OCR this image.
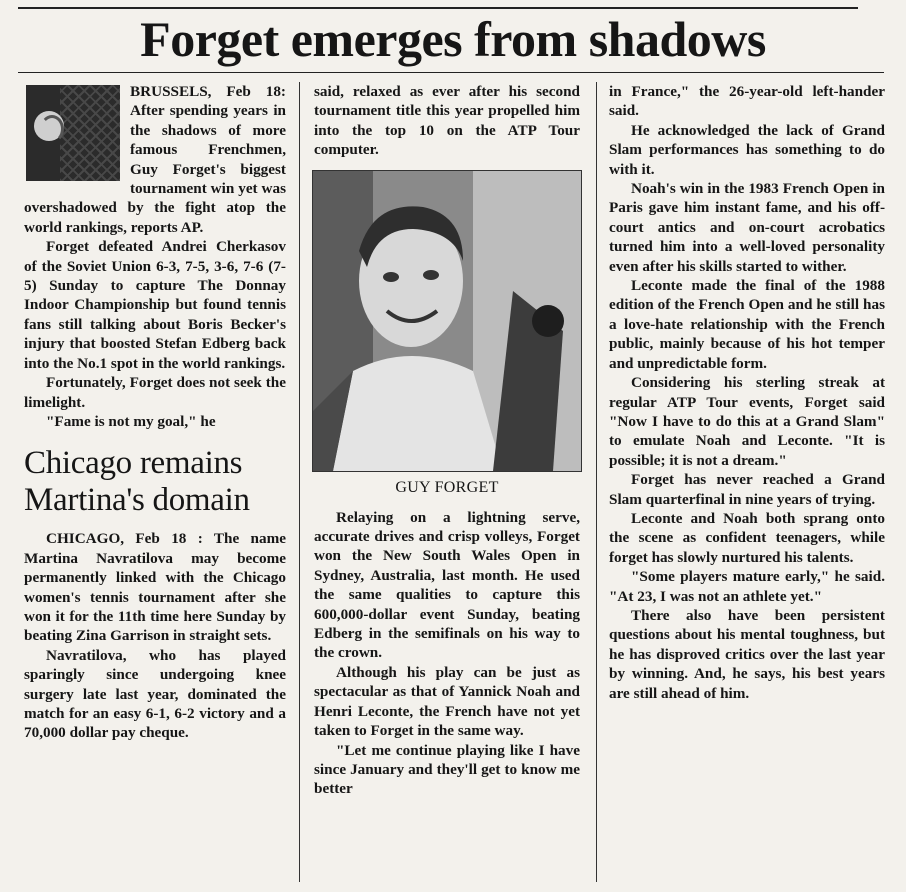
Forget emerges from shadows

BRUSSELS, Feb 18: After spending years in the shadows of more famous Frenchmen, Guy Forget's biggest tournament win yet was overshadowed by the fight atop the world rankings, reports AP.

Forget defeated Andrei Cherkasov of the Soviet Union 6-3, 7-5, 3-6, 7-6 (7-5) Sunday to capture The Donnay Indoor Championship but found tennis fans still talking about Boris Becker's injury that boosted Stefan Edberg back into the No.1 spot in the world rankings.

Fortunately, Forget does not seek the limelight.

"Fame is not my goal," he

Chicago remains Martina's domain

CHICAGO, Feb 18 : The name Martina Navratilova may become permanently linked with the Chicago women's tennis tournament after she won it for the 11th time here Sunday by beating Zina Garrison in straight sets.

Navratilova, who has played sparingly since undergoing knee surgery late last year, dominated the match for an easy 6-1, 6-2 victory and a 70,000 dollar pay cheque.

said, relaxed as ever after his second tournament title this year propelled him into the top 10 on the ATP Tour computer.

GUY FORGET

Relaying on a lightning serve, accurate drives and crisp volleys, Forget won the New South Wales Open in Sydney, Australia, last month. He used the same qualities to capture this 600,000-dollar event Sunday, beating Edberg in the semifinals on his way to the crown.

Although his play can be just as spectacular as that of Yannick Noah and Henri Leconte, the French have not yet taken to Forget in the same way.

"Let me continue playing like I have since January and they'll get to know me better

in France," the 26-year-old left-hander said.

He acknowledged the lack of Grand Slam performances has something to do with it.

Noah's win in the 1983 French Open in Paris gave him instant fame, and his off-court antics and on-court acrobatics turned him into a well-loved personality even after his skills started to wither.

Leconte made the final of the 1988 edition of the French Open and he still has a love-hate relationship with the French public, mainly because of his hot temper and unpredictable form.

Considering his sterling streak at regular ATP Tour events, Forget said "Now I have to do this at a Grand Slam" to emulate Noah and Leconte. "It is possible; it is not a dream."

Forget has never reached a Grand Slam quarterfinal in nine years of trying.

Leconte and Noah both sprang onto the scene as confident teenagers, while forget has slowly nurtured his talents.

"Some players mature early," he said. "At 23, I was not an athlete yet."

There also have been persistent questions about his mental toughness, but he has disproved critics over the last year by winning. And, he says, his best years are still ahead of him.
